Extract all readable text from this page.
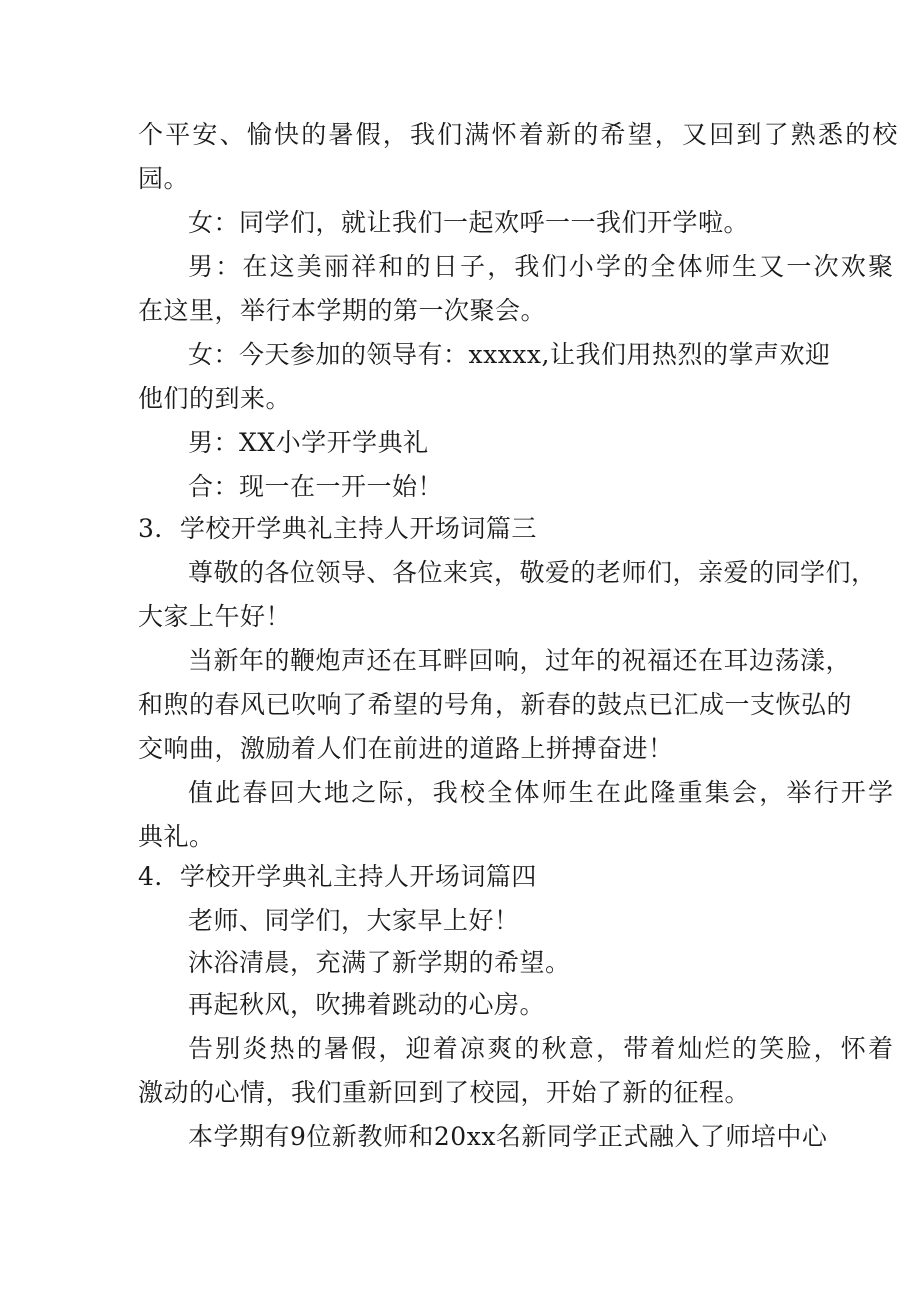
个平安、愉快的暑假，我们满怀着新的希望，又回到了熟悉的校
园。
女：同学们，就让我们一起欢呼一一我们开学啦。
男：在这美丽祥和的日子，我们小学的全体师生又一次欢聚
在这里，举行本学期的第一次聚会。
女：今天参加的领导有：xxxxx,让我们用热烈的掌声欢迎
他们的到来。
男：XX小学开学典礼
合：现一在一开一始！
3．学校开学典礼主持人开场词篇三
尊敬的各位领导、各位来宾，敬爱的老师们，亲爱的同学们，
大家上午好！
当新年的鞭炮声还在耳畔回响，过年的祝福还在耳边荡漾，
和煦的春风已吹响了希望的号角，新春的鼓点已汇成一支恢弘的
交响曲，激励着人们在前进的道路上拼搏奋进！
值此春回大地之际，我校全体师生在此隆重集会，举行开学
典礼。
4．学校开学典礼主持人开场词篇四
老师、同学们，大家早上好！
沐浴清晨，充满了新学期的希望。
再起秋风，吹拂着跳动的心房。
告别炎热的暑假，迎着凉爽的秋意，带着灿烂的笑脸，怀着
激动的心情，我们重新回到了校园，开始了新的征程。
本学期有9位新教师和20xx名新同学正式融入了师培中心
